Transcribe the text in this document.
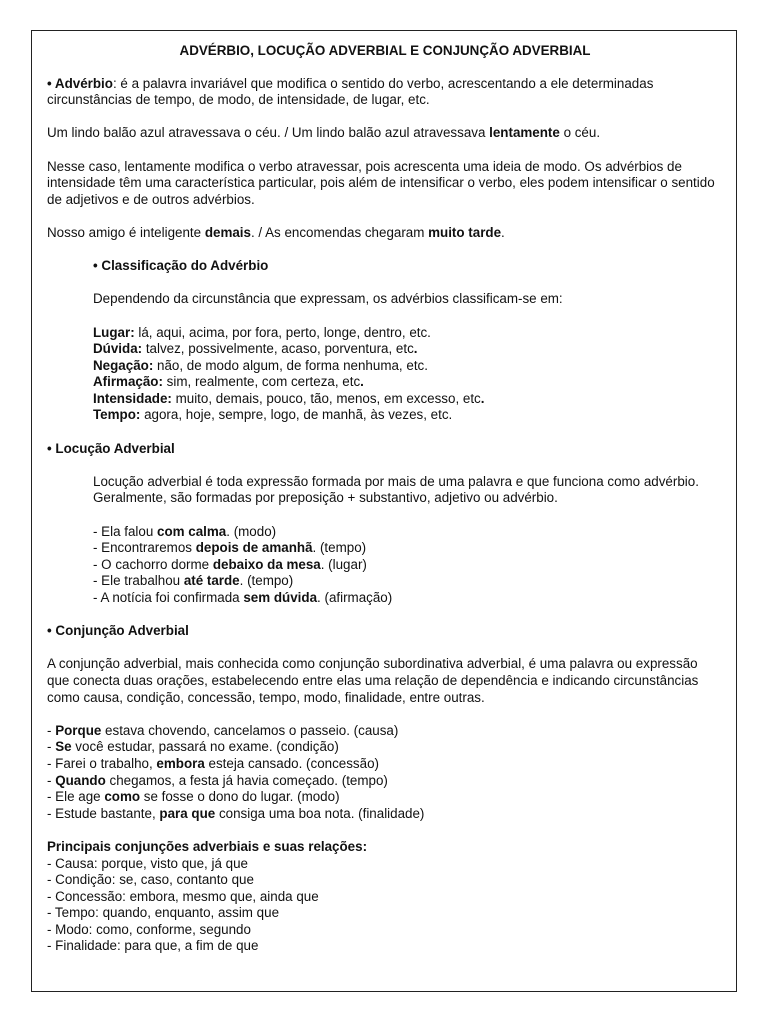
ADVÉRBIO, LOCUÇÃO ADVERBIAL E CONJUNÇÃO ADVERBIAL

• Advérbio: é a palavra invariável que modifica o sentido do verbo, acrescentando a ele determinadas circunstâncias de tempo, de modo, de intensidade, de lugar, etc.

Um lindo balão azul atravessava o céu. / Um lindo balão azul atravessava lentamente o céu.

Nesse caso, lentamente modifica o verbo atravessar, pois acrescenta uma ideia de modo. Os advérbios de intensidade têm uma característica particular, pois além de intensificar o verbo, eles podem intensificar o sentido de adjetivos e de outros advérbios.

Nosso amigo é inteligente demais. / As encomendas chegaram muito tarde.

• Classificação do Advérbio

Dependendo da circunstância que expressam, os advérbios classificam-se em:

Lugar: lá, aqui, acima, por fora, perto, longe, dentro, etc.

Dúvida: talvez, possivelmente, acaso, porventura, etc.

Negação: não, de modo algum, de forma nenhuma, etc.

Afirmação: sim, realmente, com certeza, etc.

Intensidade: muito, demais, pouco, tão, menos, em excesso, etc.

Tempo: agora, hoje, sempre, logo, de manhã, às vezes, etc.

• Locução Adverbial

Locução adverbial é toda expressão formada por mais de uma palavra e que funciona como advérbio. Geralmente, são formadas por preposição + substantivo, adjetivo ou advérbio.

- Ela falou com calma. (modo)

- Encontraremos depois de amanhã. (tempo)

- O cachorro dorme debaixo da mesa. (lugar)

- Ele trabalhou até tarde. (tempo)

- A notícia foi confirmada sem dúvida. (afirmação)

• Conjunção Adverbial

A conjunção adverbial, mais conhecida como conjunção subordinativa adverbial, é uma palavra ou expressão que conecta duas orações, estabelecendo entre elas uma relação de dependência e indicando circunstâncias como causa, condição, concessão, tempo, modo, finalidade, entre outras.

- Porque estava chovendo, cancelamos o passeio. (causa)

- Se você estudar, passará no exame. (condição)

- Farei o trabalho, embora esteja cansado. (concessão)

- Quando chegamos, a festa já havia começado. (tempo)

- Ele age como se fosse o dono do lugar. (modo)

- Estude bastante, para que consiga uma boa nota. (finalidade)

Principais conjunções adverbiais e suas relações:

- Causa: porque, visto que, já que

- Condição: se, caso, contanto que

- Concessão: embora, mesmo que, ainda que

- Tempo: quando, enquanto, assim que

- Modo: como, conforme, segundo

- Finalidade: para que, a fim de que
